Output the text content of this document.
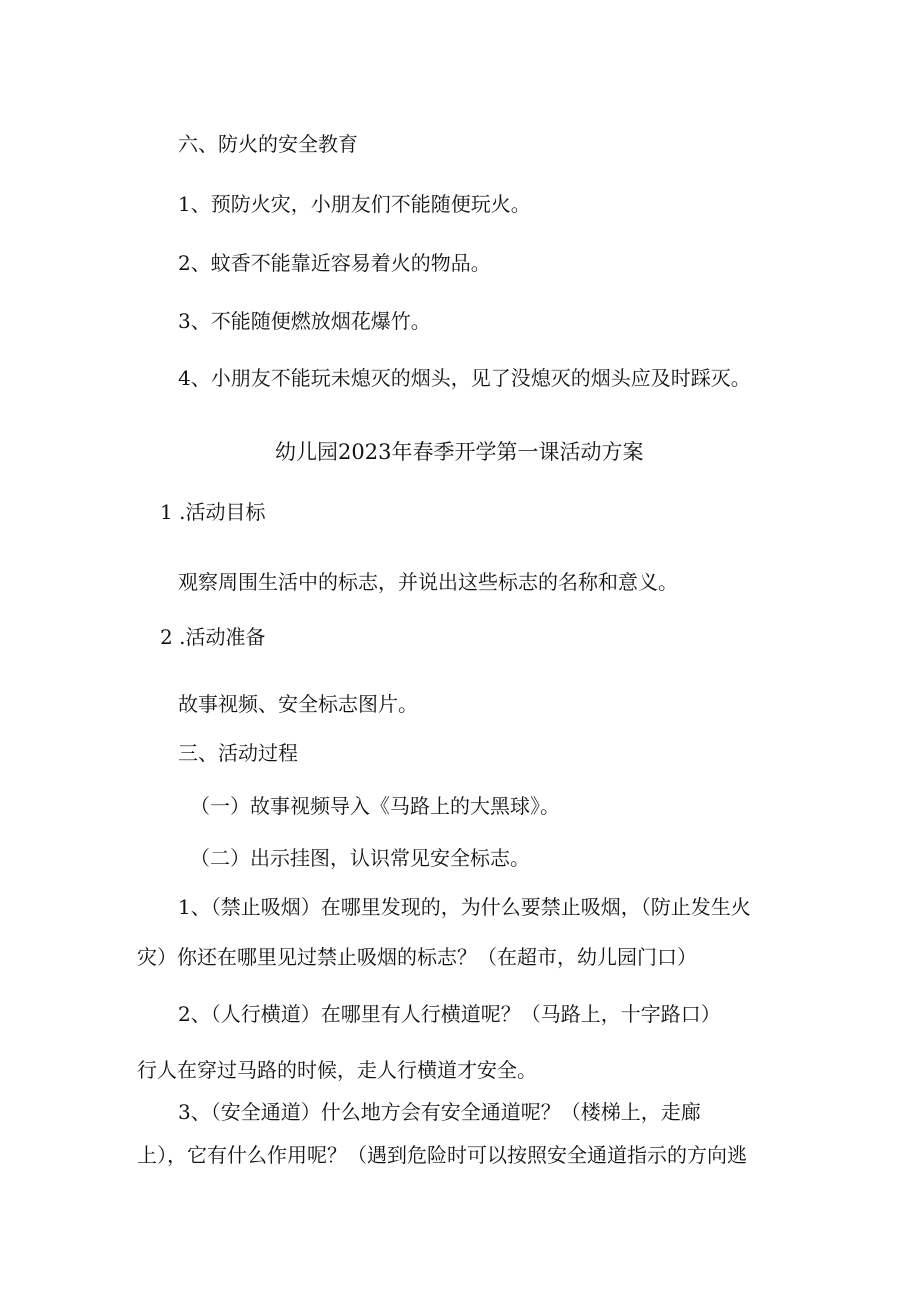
六、防火的安全教育
1、预防火灾，小朋友们不能随便玩火。
2、蚊香不能靠近容易着火的物品。
3、不能随便燃放烟花爆竹。
4、小朋友不能玩未熄灭的烟头，见了没熄灭的烟头应及时踩灭。
幼儿园2023年春季开学第一课活动方案
1 .活动目标
观察周围生活中的标志，并说出这些标志的名称和意义。
2 .活动准备
故事视频、安全标志图片。
三、活动过程
（一）故事视频导入《马路上的大黑球》。
（二）出示挂图，认识常见安全标志。
1、（禁止吸烟）在哪里发现的，为什么要禁止吸烟，（防止发生火
灾）你还在哪里见过禁止吸烟的标志？（在超市，幼儿园门口）
2、（人行横道）在哪里有人行横道呢？（马路上，十字路口）
行人在穿过马路的时候，走人行横道才安全。
3、（安全通道）什么地方会有安全通道呢？（楼梯上，走廊
上），它有什么作用呢？（遇到危险时可以按照安全通道指示的方向逃
